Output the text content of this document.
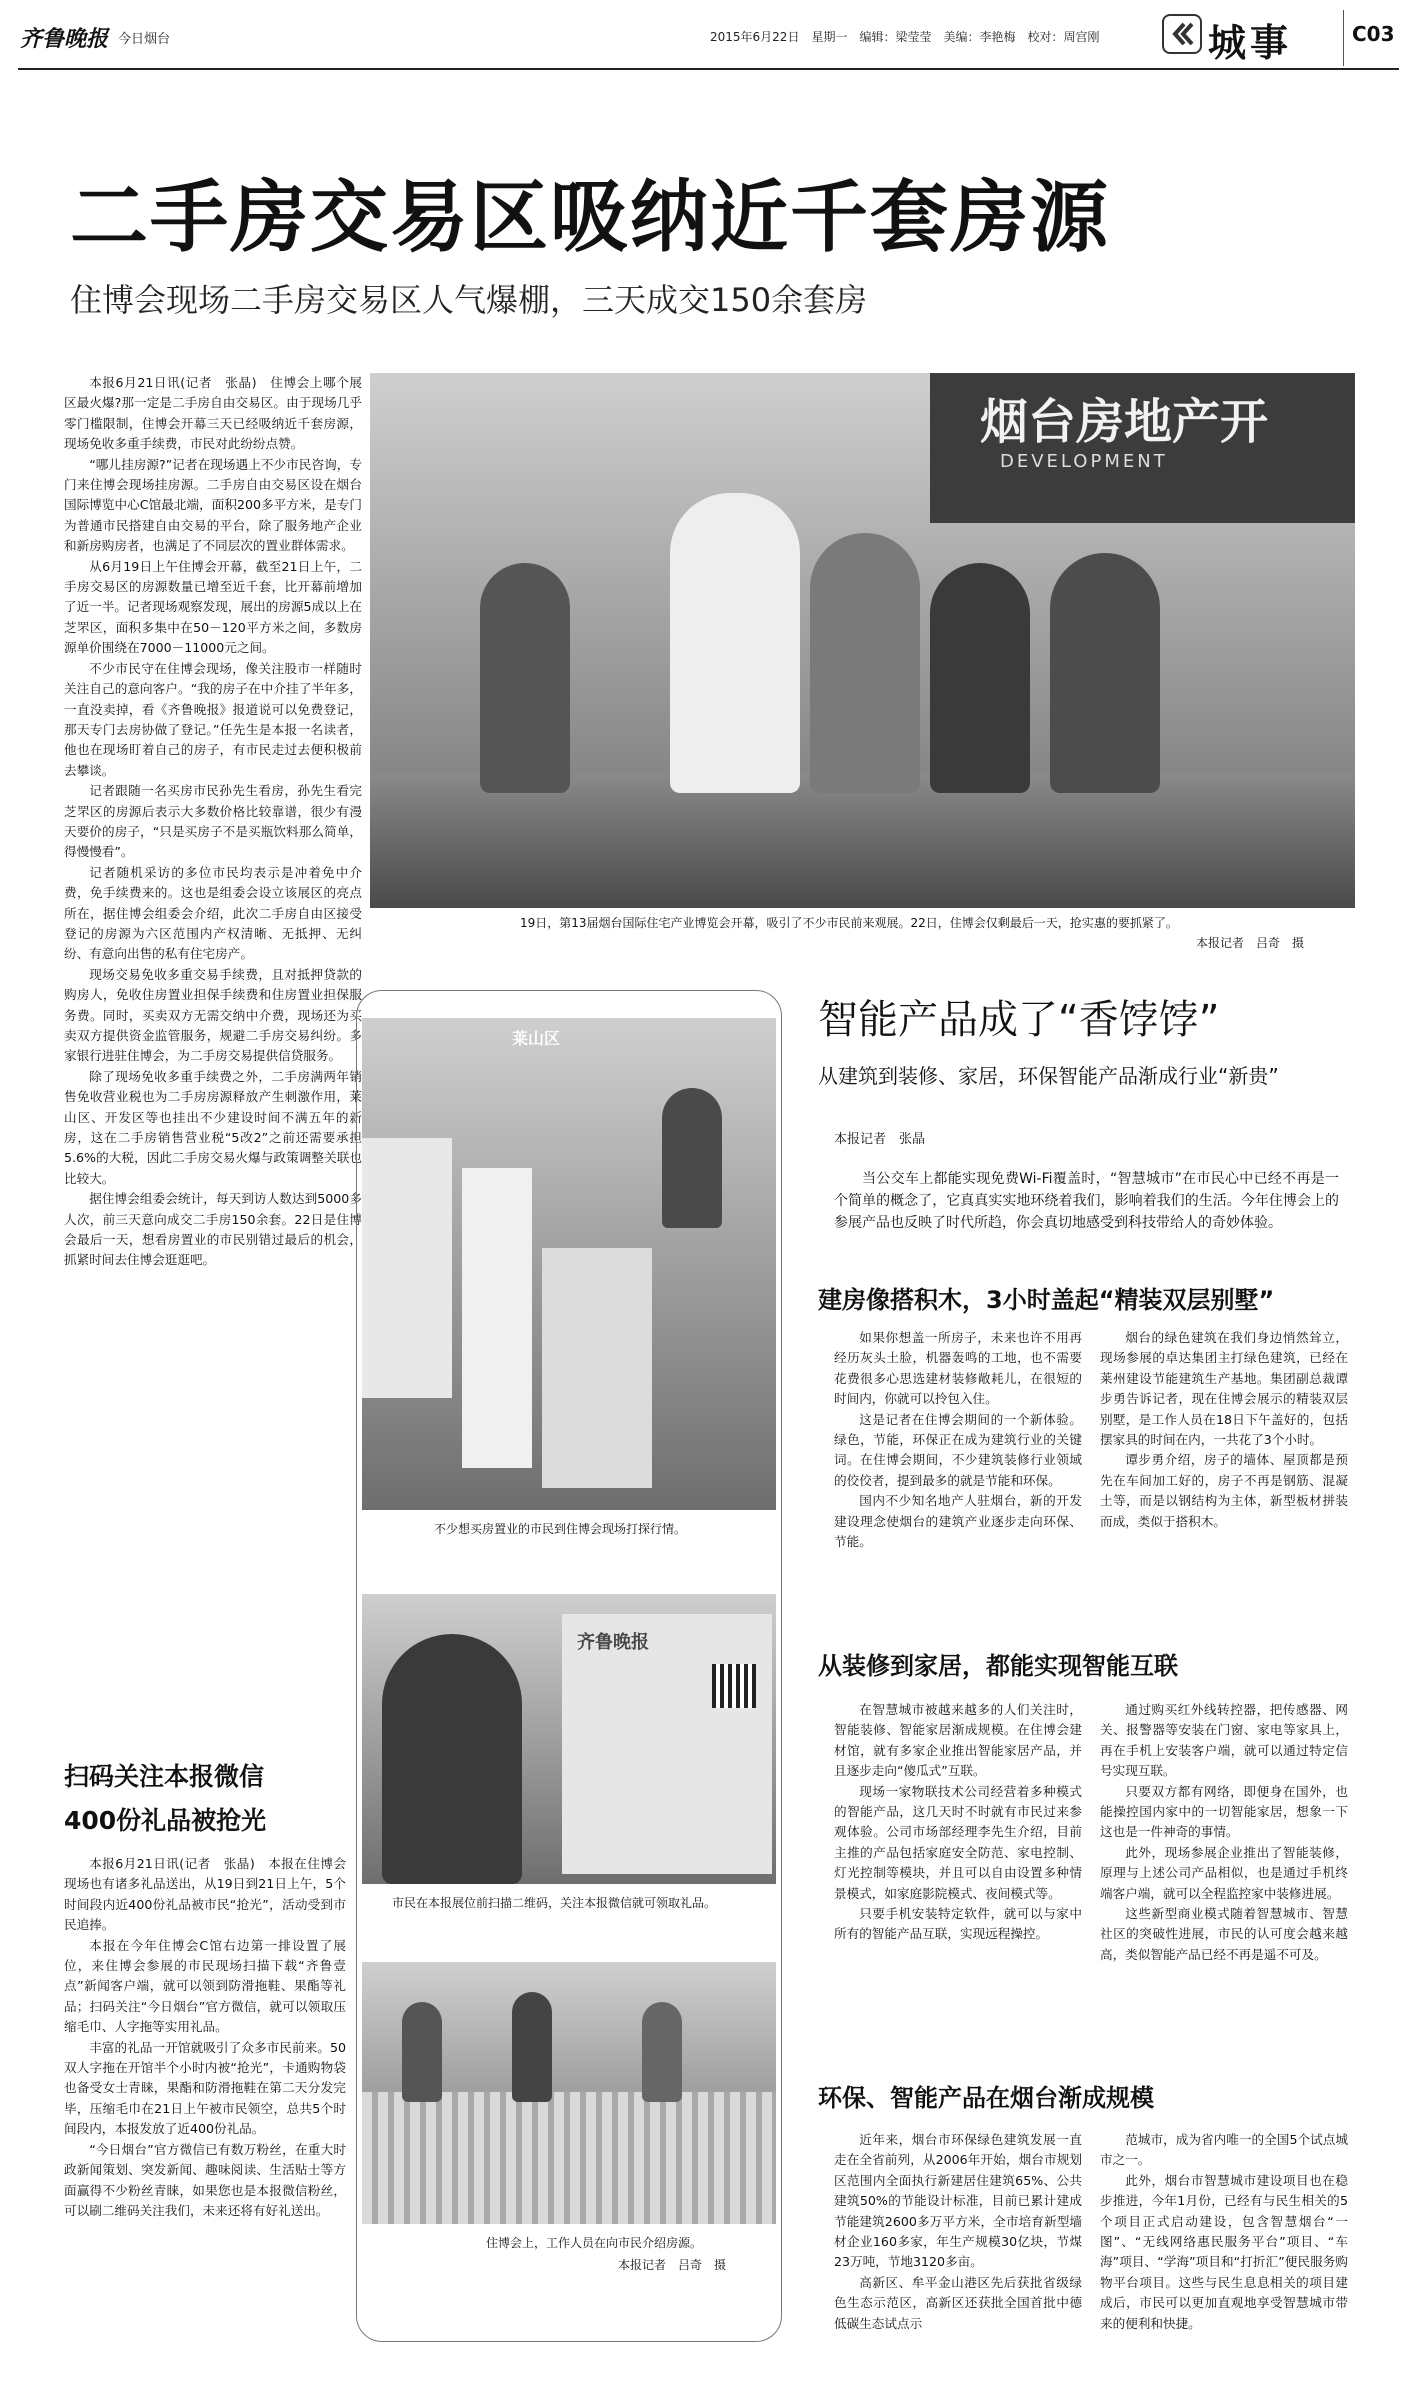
齐鲁晚报 今日烟台	2015年6月22日　星期一　编辑：梁莹莹　美编：李艳梅　校对：周宫刚	城事	C03
二手房交易区吸纳近千套房源
住博会现场二手房交易区人气爆棚，三天成交150余套房

本报6月21日讯(记者　张晶)　住博会上哪个展区最火爆?那一定是二手房自由交易区。由于现场几乎零门槛限制，住博会开幕三天已经吸纳近千套房源，现场免收多重手续费，市民对此纷纷点赞。

“哪儿挂房源?”记者在现场遇上不少市民咨询，专门来住博会现场挂房源。二手房自由交易区设在烟台国际博览中心C馆最北端，面积200多平方米，是专门为普通市民搭建自由交易的平台，除了服务地产企业和新房购房者，也满足了不同层次的置业群体需求。

从6月19日上午住博会开幕，截至21日上午，二手房交易区的房源数量已增至近千套，比开幕前增加了近一半。记者现场观察发现，展出的房源5成以上在芝罘区，面积多集中在50－120平方米之间，多数房源单价围绕在7000－11000元之间。

不少市民守在住博会现场，像关注股市一样随时关注自己的意向客户。“我的房子在中介挂了半年多，一直没卖掉，看《齐鲁晚报》报道说可以免费登记，那天专门去房协做了登记。”任先生是本报一名读者，他也在现场盯着自己的房子，有市民走过去便积极前去攀谈。

记者跟随一名买房市民孙先生看房，孙先生看完芝罘区的房源后表示大多数价格比较靠谱，很少有漫天要价的房子，“只是买房子不是买瓶饮料那么简单，得慢慢看”。

记者随机采访的多位市民均表示是冲着免中介费，免手续费来的。这也是组委会设立该展区的亮点所在，据住博会组委会介绍，此次二手房自由区接受登记的房源为六区范围内产权清晰、无抵押、无纠纷、有意向出售的私有住宅房产。

现场交易免收多重交易手续费，且对抵押贷款的购房人，免收住房置业担保手续费和住房置业担保服务费。同时，买卖双方无需交纳中介费，现场还为买卖双方提供资金监管服务，规避二手房交易纠纷。多家银行进驻住博会，为二手房交易提供信贷服务。

除了现场免收多重手续费之外，二手房满两年销售免收营业税也为二手房房源释放产生刺激作用，莱山区、开发区等也挂出不少建设时间不满五年的新房，这在二手房销售营业税“5改2”之前还需要承担5.6%的大税，因此二手房交易火爆与政策调整关联也比较大。

据住博会组委会统计，每天到访人数达到5000多人次，前三天意向成交二手房150余套。22日是住博会最后一天，想看房置业的市民别错过最后的机会，抓紧时间去住博会逛逛吧。

烟台房地产开
DEVELOPMENT
19日，第13届烟台国际住宅产业博览会开幕，吸引了不少市民前来观展。22日，住博会仅剩最后一天，抢实惠的要抓紧了。
本报记者　吕奇　摄
莱山区
不少想买房置业的市民到住博会现场打探行情。
齐鲁晚报
市民在本报展位前扫描二维码，关注本报微信就可领取礼品。
住博会上，工作人员在向市民介绍房源。
本报记者　吕奇　摄
扫码关注本报微信
400份礼品被抢光

本报6月21日讯(记者　张晶)　本报在住博会现场也有诸多礼品送出，从19日到21日上午，5个时间段内近400份礼品被市民“抢光”，活动受到市民追捧。

本报在今年住博会C馆右边第一排设置了展位，来住博会参展的市民现场扫描下载“齐鲁壹点”新闻客户端，就可以领到防滑拖鞋、果酯等礼品；扫码关注“今日烟台”官方微信，就可以领取压缩毛巾、人字拖等实用礼品。

丰富的礼品一开馆就吸引了众多市民前来。50双人字拖在开馆半个小时内被“抢光”，卡通购物袋也备受女士青睐，果酯和防滑拖鞋在第二天分发完毕，压缩毛巾在21日上午被市民领空，总共5个时间段内，本报发放了近400份礼品。

“今日烟台”官方微信已有数万粉丝，在重大时政新闻策划、突发新闻、趣味阅读、生活贴士等方面赢得不少粉丝青睐，如果您也是本报微信粉丝，可以刷二维码关注我们，未来还将有好礼送出。

智能产品成了“香饽饽”
从建筑到装修、家居，环保智能产品渐成行业“新贵”
本报记者　张晶

当公交车上都能实现免费Wi-Fi覆盖时，“智慧城市”在市民心中已经不再是一个简单的概念了，它真真实实地环绕着我们，影响着我们的生活。今年住博会上的参展产品也反映了时代所趋，你会真切地感受到科技带给人的奇妙体验。

建房像搭积木，3小时盖起“精装双层别墅”

如果你想盖一所房子，未来也许不用再经历灰头土脸，机器轰鸣的工地，也不需要花费很多心思选建材装修敞耗儿，在很短的时间内，你就可以拎包入住。

这是记者在住博会期间的一个新体验。绿色，节能，环保正在成为建筑行业的关键词。在住博会期间，不少建筑装修行业领域的佼佼者，提到最多的就是节能和环保。

国内不少知名地产人驻烟台，新的开发建设理念使烟台的建筑产业逐步走向环保、节能。

烟台的绿色建筑在我们身边悄然耸立，现场参展的卓达集团主打绿色建筑，已经在莱州建设节能建筑生产基地。集团副总裁谭步勇告诉记者，现在住博会展示的精装双层别墅，是工作人员在18日下午盖好的，包括摆家具的时间在内，一共花了3个小时。

谭步勇介绍，房子的墙体、屋顶都是预先在车间加工好的，房子不再是钢筋、混凝土等，而是以钢结构为主体，新型板材拼装而成，类似于搭积木。

从装修到家居，都能实现智能互联

在智慧城市被越来越多的人们关注时，智能装修、智能家居渐成规模。在住博会建材馆，就有多家企业推出智能家居产品，并且逐步走向“傻瓜式”互联。

现场一家物联技术公司经营着多种模式的智能产品，这几天时不时就有市民过来参观体验。公司市场部经理李先生介绍，目前主推的产品包括家庭安全防范、家电控制、灯光控制等模块，并且可以自由设置多种情景模式，如家庭影院模式、夜间模式等。

只要手机安装特定软件，就可以与家中所有的智能产品互联，实现远程操控。

通过购买红外线转控器，把传感器、网关、报警器等安装在门窗、家电等家具上，再在手机上安装客户端，就可以通过特定信号实现互联。

只要双方都有网络，即便身在国外，也能操控国内家中的一切智能家居，想象一下这也是一件神奇的事情。

此外，现场参展企业推出了智能装修，原理与上述公司产品相似，也是通过手机终端客户端，就可以全程监控家中装修进展。

这些新型商业模式随着智慧城市、智慧社区的突破性进展，市民的认可度会越来越高，类似智能产品已经不再是遥不可及。

环保、智能产品在烟台渐成规模

近年来，烟台市环保绿色建筑发展一直走在全省前列，从2006年开始，烟台市规划区范围内全面执行新建居住建筑65%、公共建筑50%的节能设计标准，目前已累计建成节能建筑2600多万平方米，全市培育新型墙材企业160多家，年生产规模30亿块，节煤23万吨，节地3120多亩。

高新区、牟平金山港区先后获批省级绿色生态示范区，高新区还获批全国首批中德低碳生态试点示

范城市，成为省内唯一的全国5个试点城市之一。

此外，烟台市智慧城市建设项目也在稳步推进，今年1月份，已经有与民生相关的5个项目正式启动建设，包含智慧烟台“一图”、“无线网络惠民服务平台”项目、“车海”项目、“学海”项目和“打折汇”便民服务购物平台项目。这些与民生息息相关的项目建成后，市民可以更加直观地享受智慧城市带来的便利和快捷。
